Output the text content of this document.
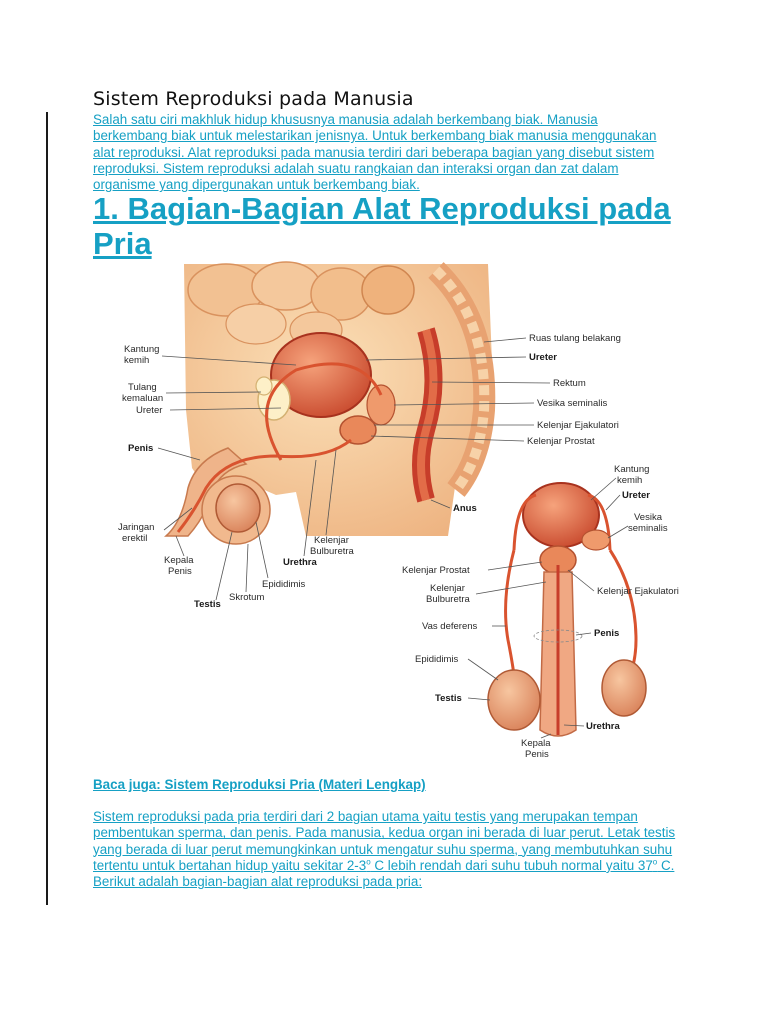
Sistem Reproduksi pada Manusia

Salah satu ciri makhluk hidup khususnya manusia adalah berkembang biak. Manusia berkembang biak untuk melestarikan jenisnya. Untuk berkembang biak manusia menggunakan alat reproduksi. Alat reproduksi pada manusia terdiri dari beberapa bagian yang disebut sistem reproduksi. Sistem reproduksi adalah suatu rangkaian dan interaksi organ dan zat dalam organisme yang dipergunakan untuk berkembang biak.

1. Bagian-Bagian Alat Reproduksi pada Pria
Kantung
kemih
Tulang
kemaluan
Ureter
Penis
Jaringan
erektil
Kepala
Penis
Testis
Skrotum
Epididimis
Urethra
Kelenjar
Bulburetra
Anus
Ruas tulang belakang
Ureter
Rektum
Vesika seminalis
Kelenjar Ejakulatori
Kelenjar Prostat
Kantung
kemih
Ureter
Vesika
seminalis
Kelenjar Prostat
Kelenjar
Bulburetra
Kelenjar Ejakulatori
Vas deferens
Penis
Epididimis
Testis
Urethra
Kepala
Penis
Baca juga: Sistem Reproduksi Pria (Materi Lengkap)

Sistem reproduksi pada pria terdiri dari 2 bagian utama yaitu testis yang merupakan tempan pembentukan sperma, dan penis. Pada manusia, kedua organ ini berada di luar perut. Letak testis yang berada di luar perut memungkinkan untuk mengatur suhu sperma, yang membutuhkan suhu tertentu untuk bertahan hidup yaitu sekitar 2-3$^o$ C lebih rendah dari suhu tubuh normal yaitu 37$^o$ C. Berikut adalah bagian-bagian alat reproduksi pada pria:
